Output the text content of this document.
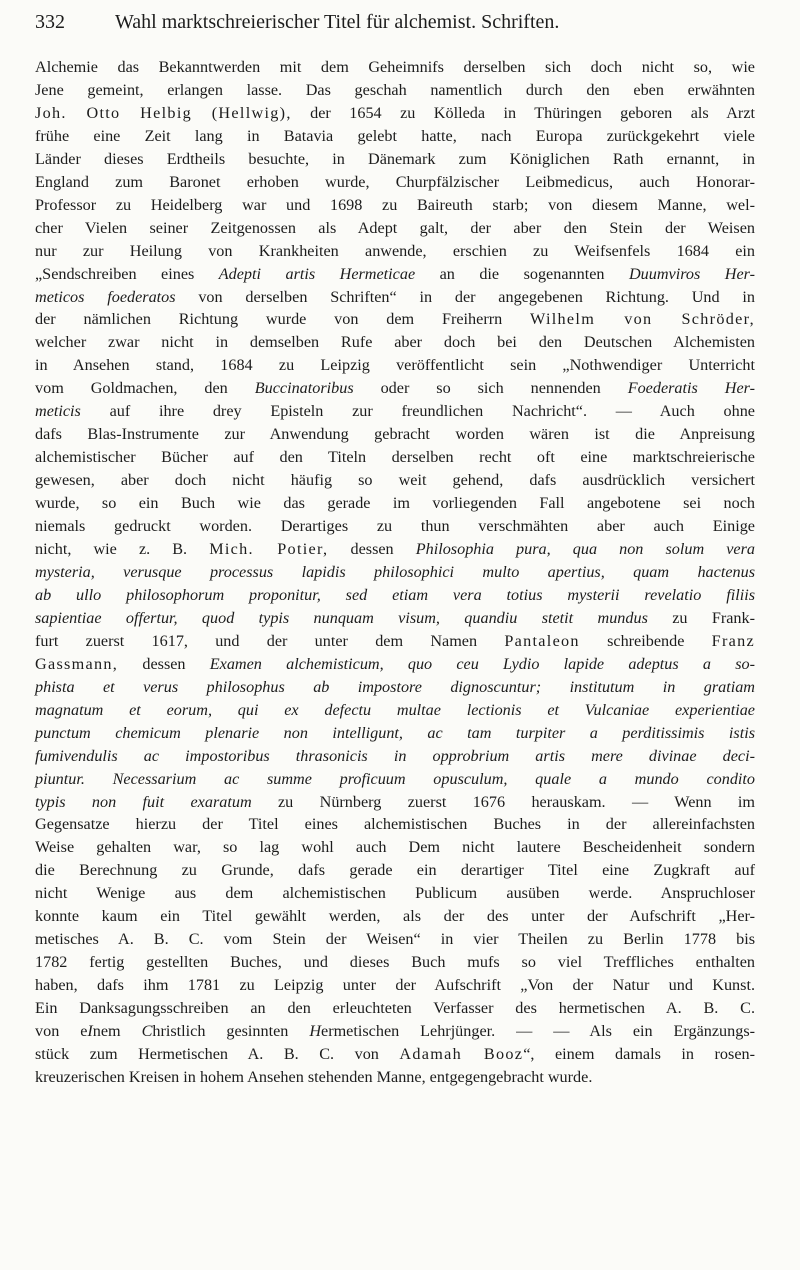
332	Wahl marktschreierischer Titel für alchemist. Schriften.

Alchemie das Bekanntwerden mit dem Geheimnifs derselben sich doch nicht so, wie

Jene gemeint, erlangen lasse. Das geschah namentlich durch den eben erwähnten

Joh. Otto Helbig (Hellwig), der 1654 zu Kölleda in Thüringen geboren als Arzt

frühe eine Zeit lang in Batavia gelebt hatte, nach Europa zurückgekehrt viele

Länder dieses Erdtheils besuchte, in Dänemark zum Königlichen Rath ernannt, in

England zum Baronet erhoben wurde, Churpfälzischer Leibmedicus, auch Honorar-

Professor zu Heidelberg war und 1698 zu Baireuth starb; von diesem Manne, wel-

cher Vielen seiner Zeitgenossen als Adept galt, der aber den Stein der Weisen

nur zur Heilung von Krankheiten anwende, erschien zu Weifsenfels 1684 ein

„Sendschreiben eines Adepti artis Hermeticae an die sogenannten Duumviros Her-

meticos foederatos von derselben Schriften“ in der angegebenen Richtung. Und in

der nämlichen Richtung wurde von dem Freiherrn Wilhelm von Schröder,

welcher zwar nicht in demselben Rufe aber doch bei den Deutschen Alchemisten

in Ansehen stand, 1684 zu Leipzig veröffentlicht sein „Nothwendiger Unterricht

vom Goldmachen, den Buccinatoribus oder so sich nennenden Foederatis Her-

meticis auf ihre drey Episteln zur freundlichen Nachricht“. — Auch ohne

dafs Blas-Instrumente zur Anwendung gebracht worden wären ist die Anpreisung

alchemistischer Bücher auf den Titeln derselben recht oft eine marktschreierische

gewesen, aber doch nicht häufig so weit gehend, dafs ausdrücklich versichert

wurde, so ein Buch wie das gerade im vorliegenden Fall angebotene sei noch

niemals gedruckt worden. Derartiges zu thun verschmähten aber auch Einige

nicht, wie z. B. Mich. Potier, dessen Philosophia pura, qua non solum vera

mysteria, verusque processus lapidis philosophici multo apertius, quam hactenus

ab ullo philosophorum proponitur, sed etiam vera totius mysterii revelatio filiis

sapientiae offertur, quod typis nunquam visum, quandiu stetit mundus zu Frank-

furt zuerst 1617, und der unter dem Namen Pantaleon schreibende Franz

Gassmann, dessen Examen alchemisticum, quo ceu Lydio lapide adeptus a so-

phista et verus philosophus ab impostore dignoscuntur; institutum in gratiam

magnatum et eorum, qui ex defectu multae lectionis et Vulcaniae experientiae

punctum chemicum plenarie non intelligunt, ac tam turpiter a perditissimis istis

fumivendulis ac impostoribus thrasonicis in opprobrium artis mere divinae deci-

piuntur. Necessarium ac summe proficuum opusculum, quale a mundo condito

typis non fuit exaratum zu Nürnberg zuerst 1676 herauskam. — Wenn im

Gegensatze hierzu der Titel eines alchemistischen Buches in der allereinfachsten

Weise gehalten war, so lag wohl auch Dem nicht lautere Bescheidenheit sondern

die Berechnung zu Grunde, dafs gerade ein derartiger Titel eine Zugkraft auf

nicht Wenige aus dem alchemistischen Publicum ausüben werde. Anspruchloser

konnte kaum ein Titel gewählt werden, als der des unter der Aufschrift „Her-

metisches A. B. C. vom Stein der Weisen“ in vier Theilen zu Berlin 1778 bis

1782 fertig gestellten Buches, und dieses Buch mufs so viel Treffliches enthalten

haben, dafs ihm 1781 zu Leipzig unter der Aufschrift „Von der Natur und Kunst.

Ein Danksagungsschreiben an den erleuchteten Verfasser des hermetischen A. B. C.

von eInem Christlich gesinnten Hermetischen Lehrjünger. — — Als ein Ergänzungs-

stück zum Hermetischen A. B. C. von Adamah Booz“, einem damals in rosen-

kreuzerischen Kreisen in hohem Ansehen stehenden Manne, entgegengebracht wurde.
